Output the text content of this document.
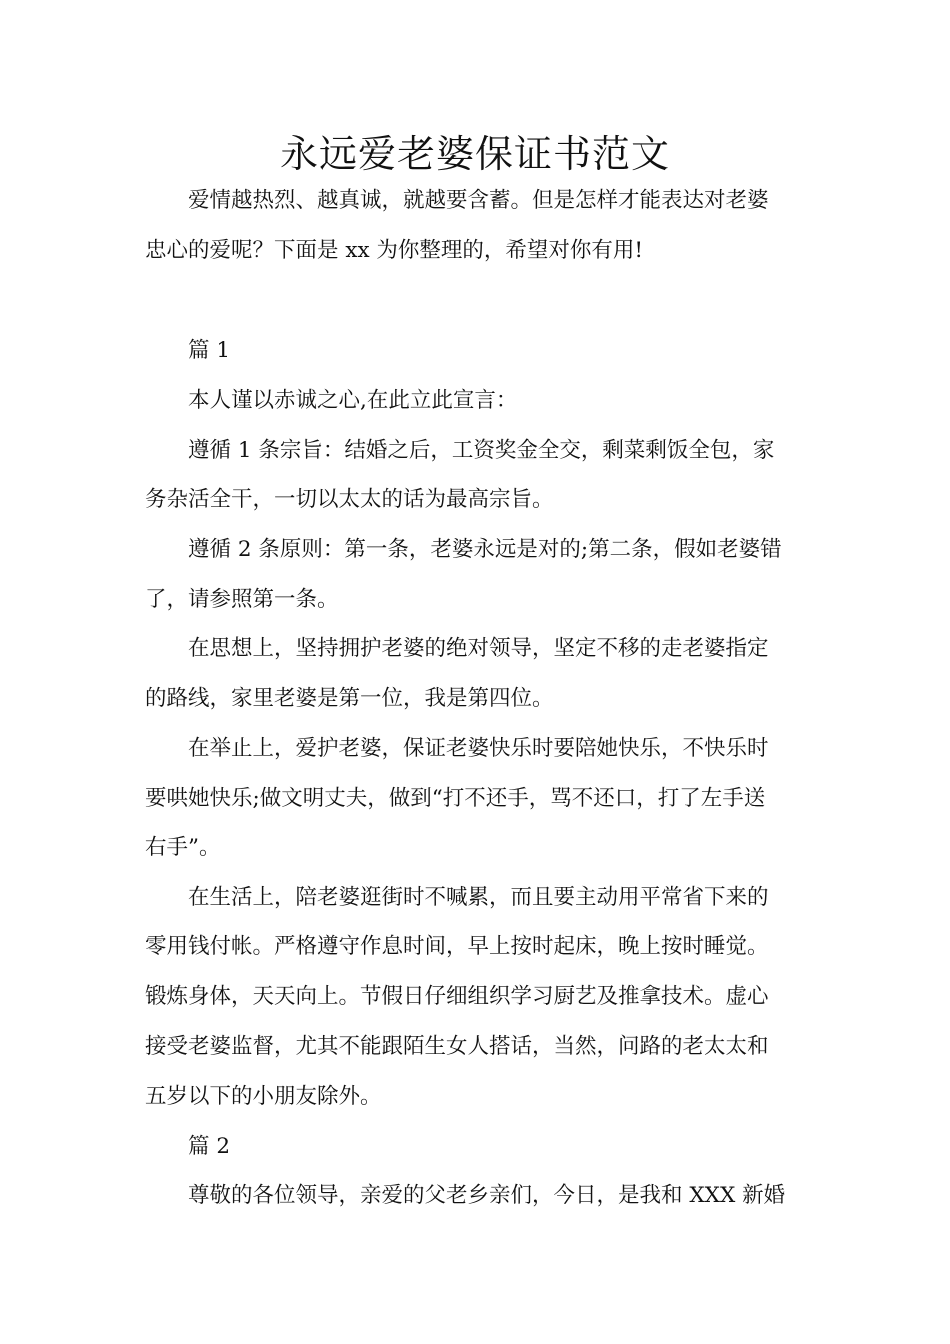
永远爱老婆保证书范文
爱情越热烈、越真诚，就越要含蓄。但是怎样才能表达对老婆
忠心的爱呢？下面是 xx 为你整理的，希望对你有用!
篇 1
本人谨以赤诚之心,在此立此宣言：
遵循 1 条宗旨：结婚之后，工资奖金全交，剩菜剩饭全包，家
务杂活全干，一切以太太的话为最高宗旨。
遵循 2 条原则：第一条，老婆永远是对的;第二条，假如老婆错
了，请参照第一条。
在思想上，坚持拥护老婆的绝对领导，坚定不移的走老婆指定
的路线，家里老婆是第一位，我是第四位。
在举止上，爱护老婆，保证老婆快乐时要陪她快乐，不快乐时
要哄她快乐;做文明丈夫，做到“打不还手，骂不还口，打了左手送
右手”。
在生活上，陪老婆逛街时不喊累，而且要主动用平常省下来的
零用钱付帐。严格遵守作息时间，早上按时起床，晚上按时睡觉。
锻炼身体，天天向上。节假日仔细组织学习厨艺及推拿技术。虚心
接受老婆监督，尤其不能跟陌生女人搭话，当然，问路的老太太和
五岁以下的小朋友除外。
篇 2
尊敬的各位领导，亲爱的父老乡亲们，今日，是我和 XXX 新婚
